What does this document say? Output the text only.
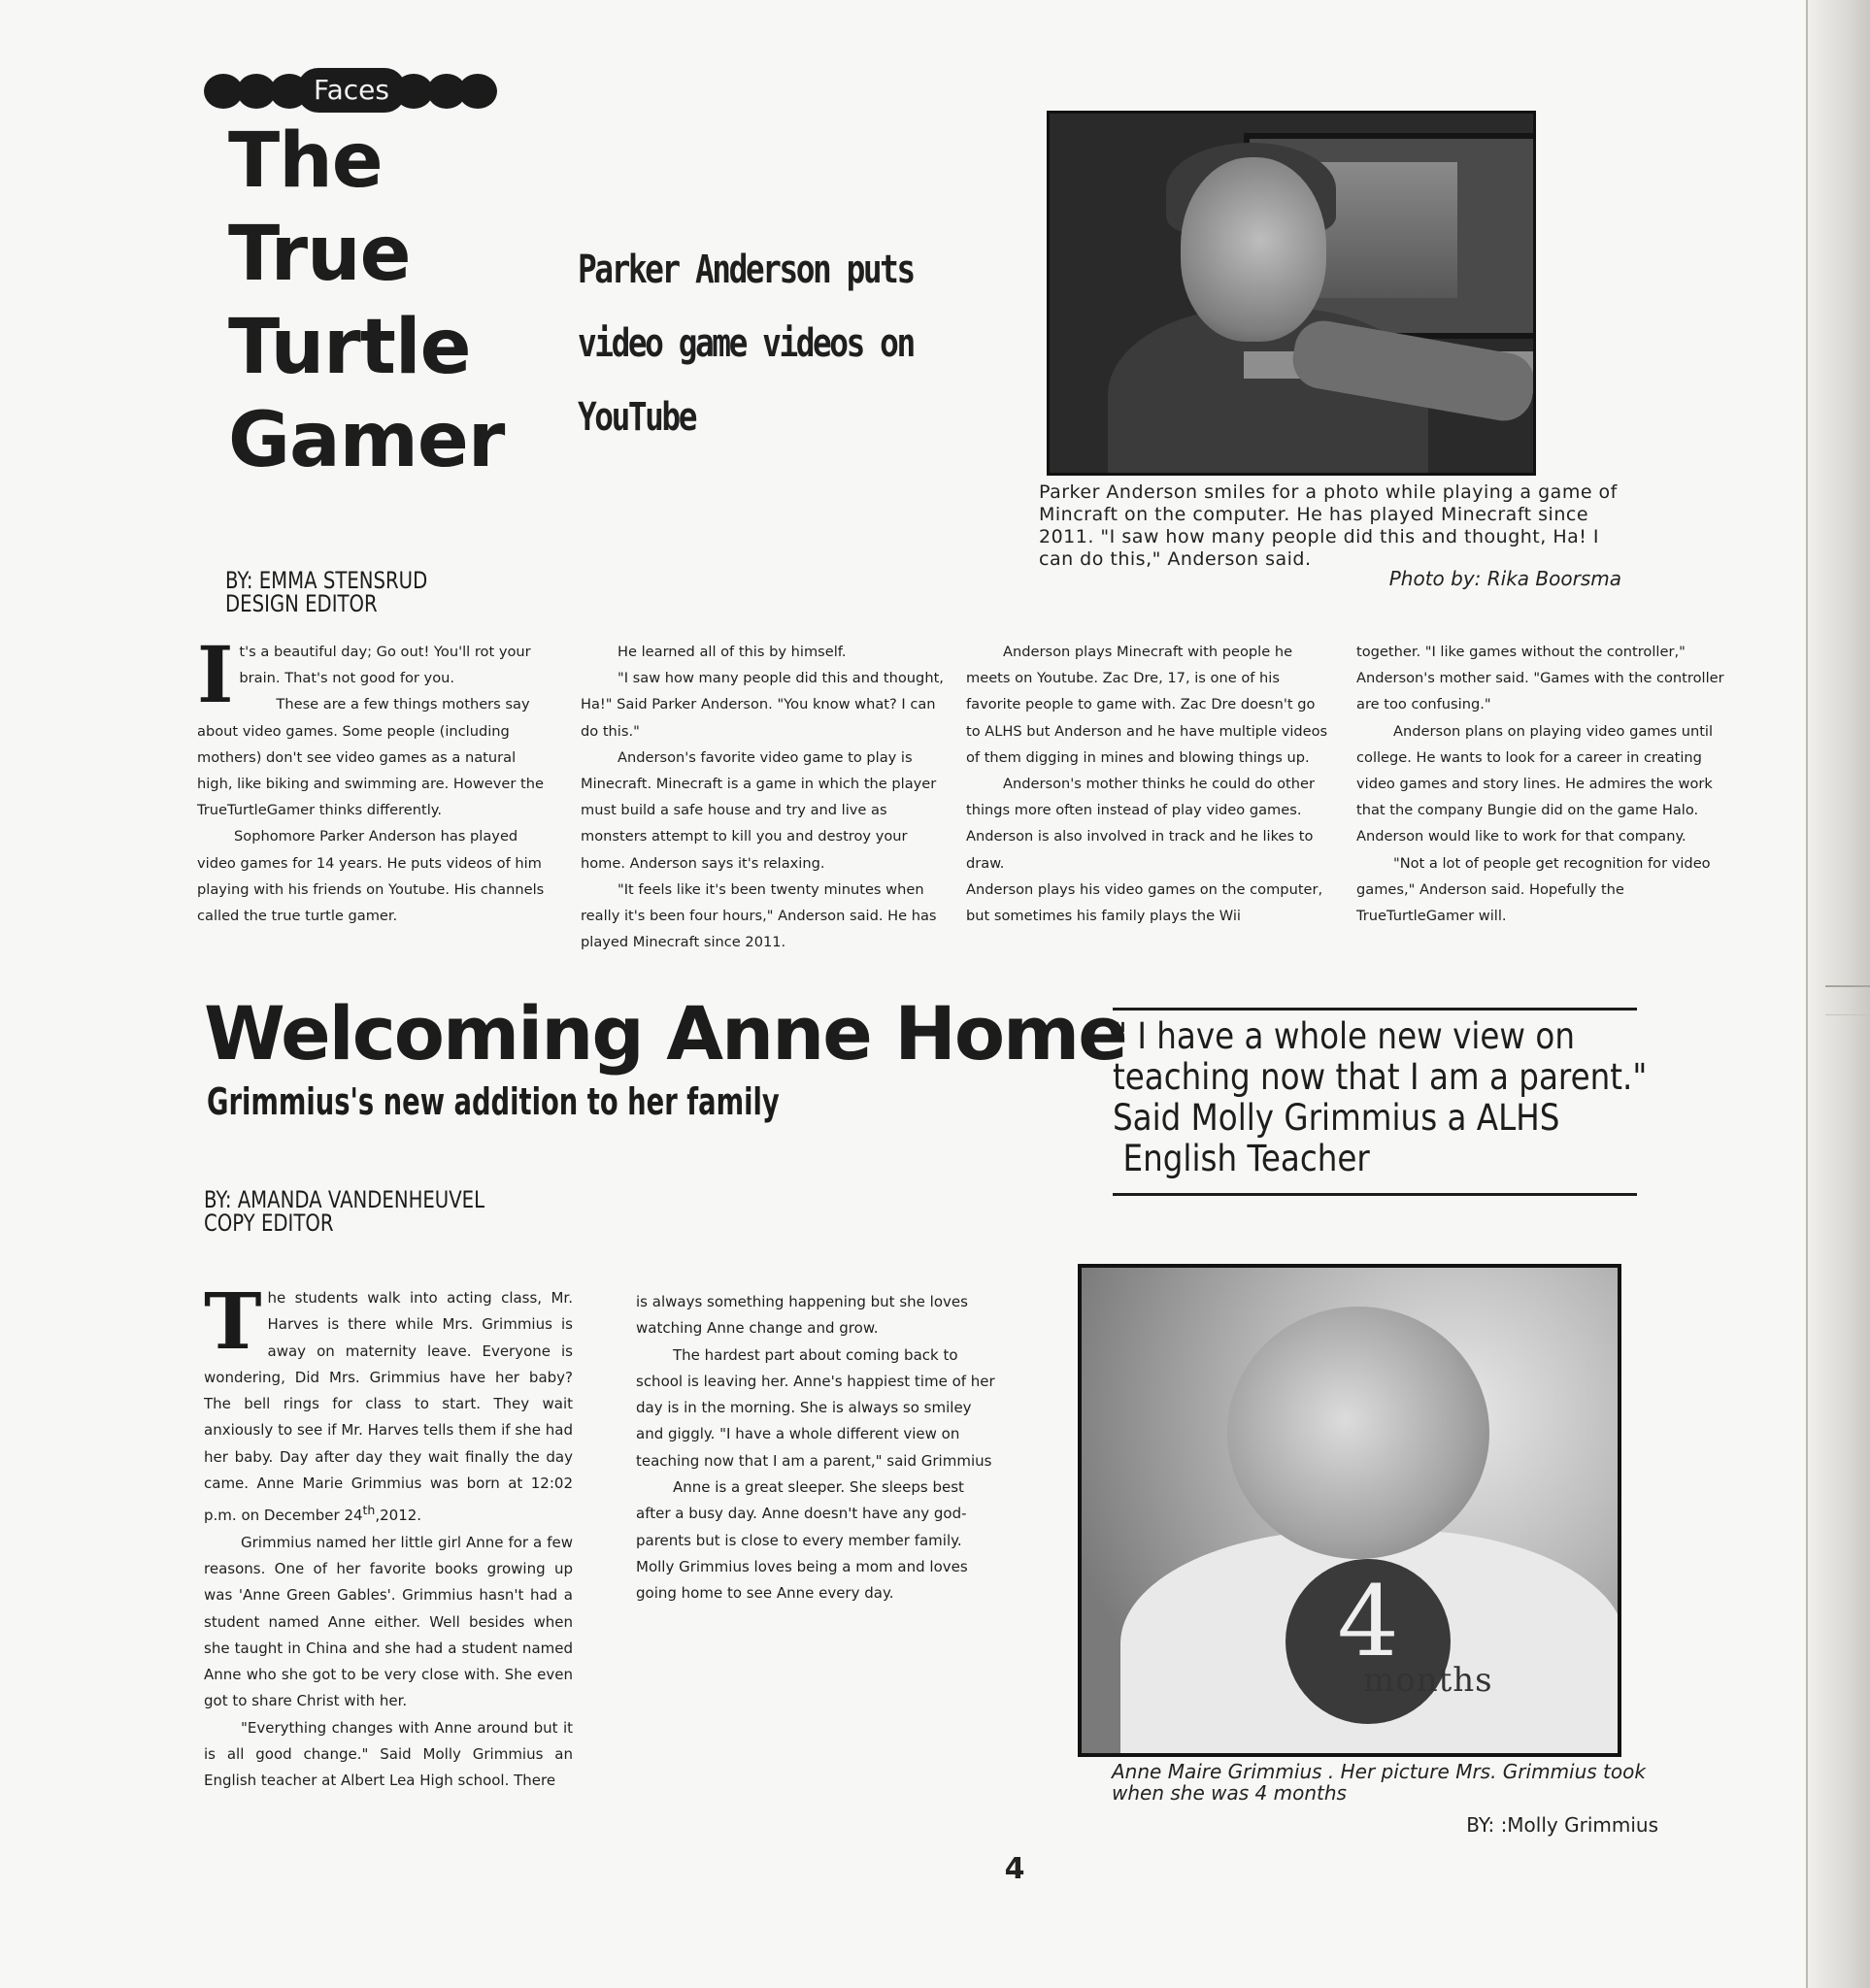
Faces
The
True
Turtle
Gamer
Parker Anderson puts
video game videos on
YouTube
Parker Anderson smiles for a photo while playing a game of
Mincraft on the computer. He has played Minecraft since
2011. "I saw how many people did this and thought, Ha! I
can do this," Anderson said.
Photo by: Rika Boorsma
BY: EMMA STENSRUD
DESIGN EDITOR

It's a beautiful day; Go out! You'll rot your brain. That's not good for you.

These are a few things mothers say about video games. Some people (including mothers) don't see video games as a natural high, like biking and swimming are. However the TrueTurtleGamer thinks differently.

Sophomore Parker Anderson has played video games for 14 years. He puts videos of him playing with his friends on Youtube. His channels called the true turtle gamer.

He learned all of this by himself.

"I saw how many people did this and thought, Ha!" Said Parker Anderson. "You know what? I can do this."

Anderson's favorite video game to play is Minecraft. Minecraft is a game in which the player must build a safe house and try and live as monsters attempt to kill you and destroy your home. Anderson says it's relaxing.

"It feels like it's been twenty minutes when really it's been four hours," Anderson said. He has played Minecraft since 2011.

Anderson plays Minecraft with people he meets on Youtube. Zac Dre, 17, is one of his favorite people to game with. Zac Dre doesn't go to ALHS but Anderson and he have multiple videos of them digging in mines and blowing things up.

Anderson's mother thinks he could do other things more often instead of play video games. Anderson is also involved in track and he likes to draw.

Anderson plays his video games on the computer, but sometimes his family plays the Wii

together. "I like games without the controller," Anderson's mother said. "Games with the controller are too confusing."

Anderson plans on playing video games until college. He wants to look for a career in creating video games and story lines. He admires the work that the company Bungie did on the game Halo. Anderson would like to work for that company.

"Not a lot of people get recognition for video games," Anderson said. Hopefully the TrueTurtleGamer will.

Welcoming Anne Home
Grimmius's new addition to her family
" I have a whole new view on
teaching now that I am a parent."
Said Molly Grimmius a ALHS
English Teacher
BY: AMANDA VANDENHEUVEL
COPY EDITOR

The students walk into acting class, Mr. Harves is there while Mrs. Grimmius is away on maternity leave. Everyone is wondering, Did Mrs. Grimmius have her baby? The bell rings for class to start. They wait anxiously to see if Mr. Harves tells them if she had her baby. Day after day they wait finally the day came. Anne Marie Grimmius was born at 12:02 p.m. on December 24th,2012.

Grimmius named her little girl Anne for a few reasons. One of her favorite books growing up was 'Anne Green Gables'. Grimmius hasn't had a student named Anne either. Well besides when she taught in China and she had a student named Anne who she got to be very close with. She even got to share Christ with her.

"Everything changes with Anne around but it is all good change." Said Molly Grimmius an English teacher at Albert Lea High school. There

is always something happening but she loves watching Anne change and grow.

The hardest part about coming back to school is leaving her. Anne's happiest time of her day is in the morning. She is always so smiley and giggly. "I have a whole different view on teaching now that I am a parent," said Grimmius

Anne is a great sleeper. She sleeps best after a busy day. Anne doesn't have any god- parents but is close to every member family. Molly Grimmius loves being a mom and loves going home to see Anne every day.	4
months
Anne Maire Grimmius . Her picture Mrs. Grimmius took
when she was 4 months
BY: :Molly Grimmius
4
